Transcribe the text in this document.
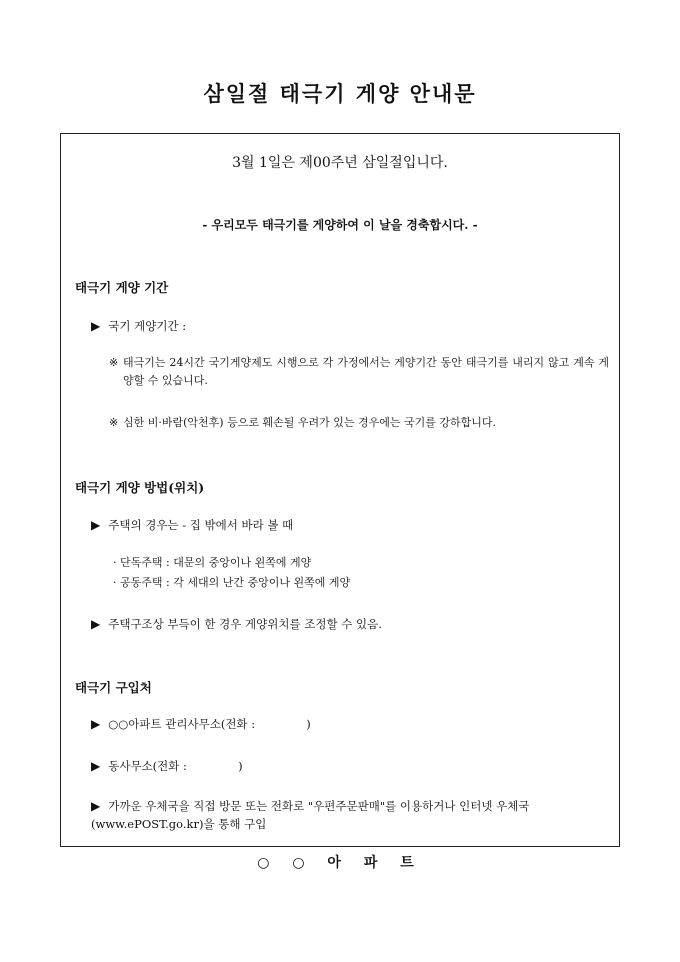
삼일절 태극기 게양 안내문
3월 1일은 제00주년 삼일절입니다.
- 우리모두 태극기를 게양하여 이 날을 경축합시다. -
태극기 게양 기간
▶ 국기 게양기간 :
※ 태극기는 24시간 국기게양제도 시행으로 각 가정에서는 게양기간 동안 태극기를 내리지 않고 계속 게양할 수 있습니다.
※ 심한 비·바람(악천후) 등으로 훼손될 우려가 있는 경우에는 국기를 강하합니다.
태극기 게양 방법(위치)
▶ 주택의 경우는 - 집 밖에서 바라 볼 때
· 단독주택 : 대문의 중앙이나 왼쪽에 게양
· 공동주택 : 각 세대의 난간 중앙이나 왼쪽에 게양
▶ 주택구조상 부득이 한 경우 게양위치를 조정할 수 있음.
태극기 구입처
▶ ○○아파트 관리사무소(전화 :              )
▶ 동사무소(전화 :              )
▶ 가까운 우체국을 직접 방문 또는 전화로 "우편주문판매"를 이용하거나 인터넷 우체국(www.ePOST.go.kr)을 통해 구입
○ ○ 아 파 트
